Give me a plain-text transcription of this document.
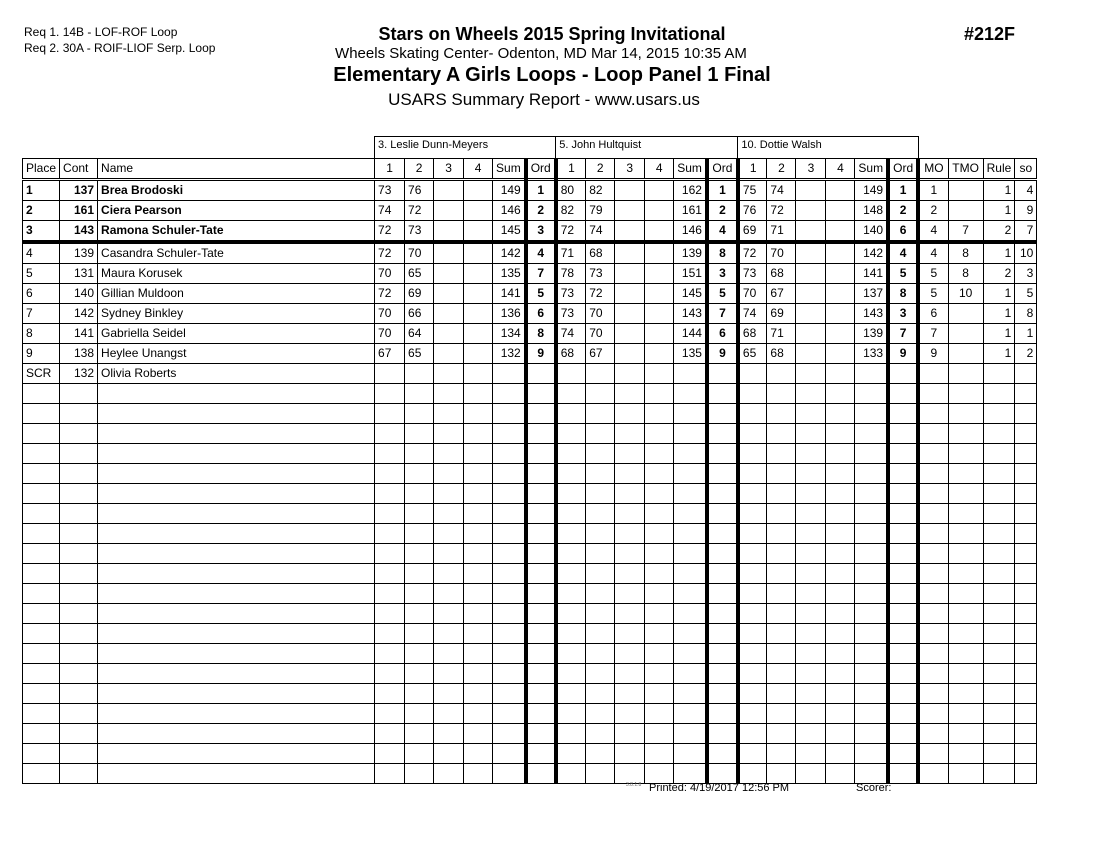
Req 1. 14B - LOF-ROF Loop
Req 2. 30A - ROIF-LIOF Serp. Loop
Stars on Wheels 2015 Spring Invitational
Wheels Skating Center- Odenton, MD Mar 14, 2015 10:35 AM
Elementary A Girls Loops - Loop Panel 1 Final
USARS Summary Report - www.usars.us
#212F
			3. Leslie Dunn-Meyers						5. John Hultquist						10. Dottie Walsh									
Place	Cont	Name	1	2	3	4	Sum	Ord	1	2	3	4	Sum	Ord	1	2	3	4	Sum	Ord	MO	TMO	Rule	so
1	137	Brea Brodoski	73	76			149	1	80	82			162	1	75	74			149	1	1		1	4
2	161	Ciera Pearson	74	72			146	2	82	79			161	2	76	72			148	2	2		1	9
3	143	Ramona Schuler-Tate	72	73			145	3	72	74			146	4	69	71			140	6	4	7	2	7
4	139	Casandra Schuler-Tate	72	70			142	4	71	68			139	8	72	70			142	4	4	8	1	10
5	131	Maura Korusek	70	65			135	7	78	73			151	3	73	68			141	5	5	8	2	3
6	140	Gillian Muldoon	72	69			141	5	73	72			145	5	70	67			137	8	5	10	1	5
7	142	Sydney Binkley	70	66			136	6	73	70			143	7	74	69			143	3	6		1	8
8	141	Gabriella Seidel	70	64			134	8	74	70			144	6	68	71			139	7	7		1	1
9	138	Heylee Unangst	67	65			132	9	68	67			135	9	65	68			133	9	9		1	2
SCR	132	Olivia Roberts																						

3.8.1.8 Printed: 4/19/2017 12:56 PM	Scorer:
